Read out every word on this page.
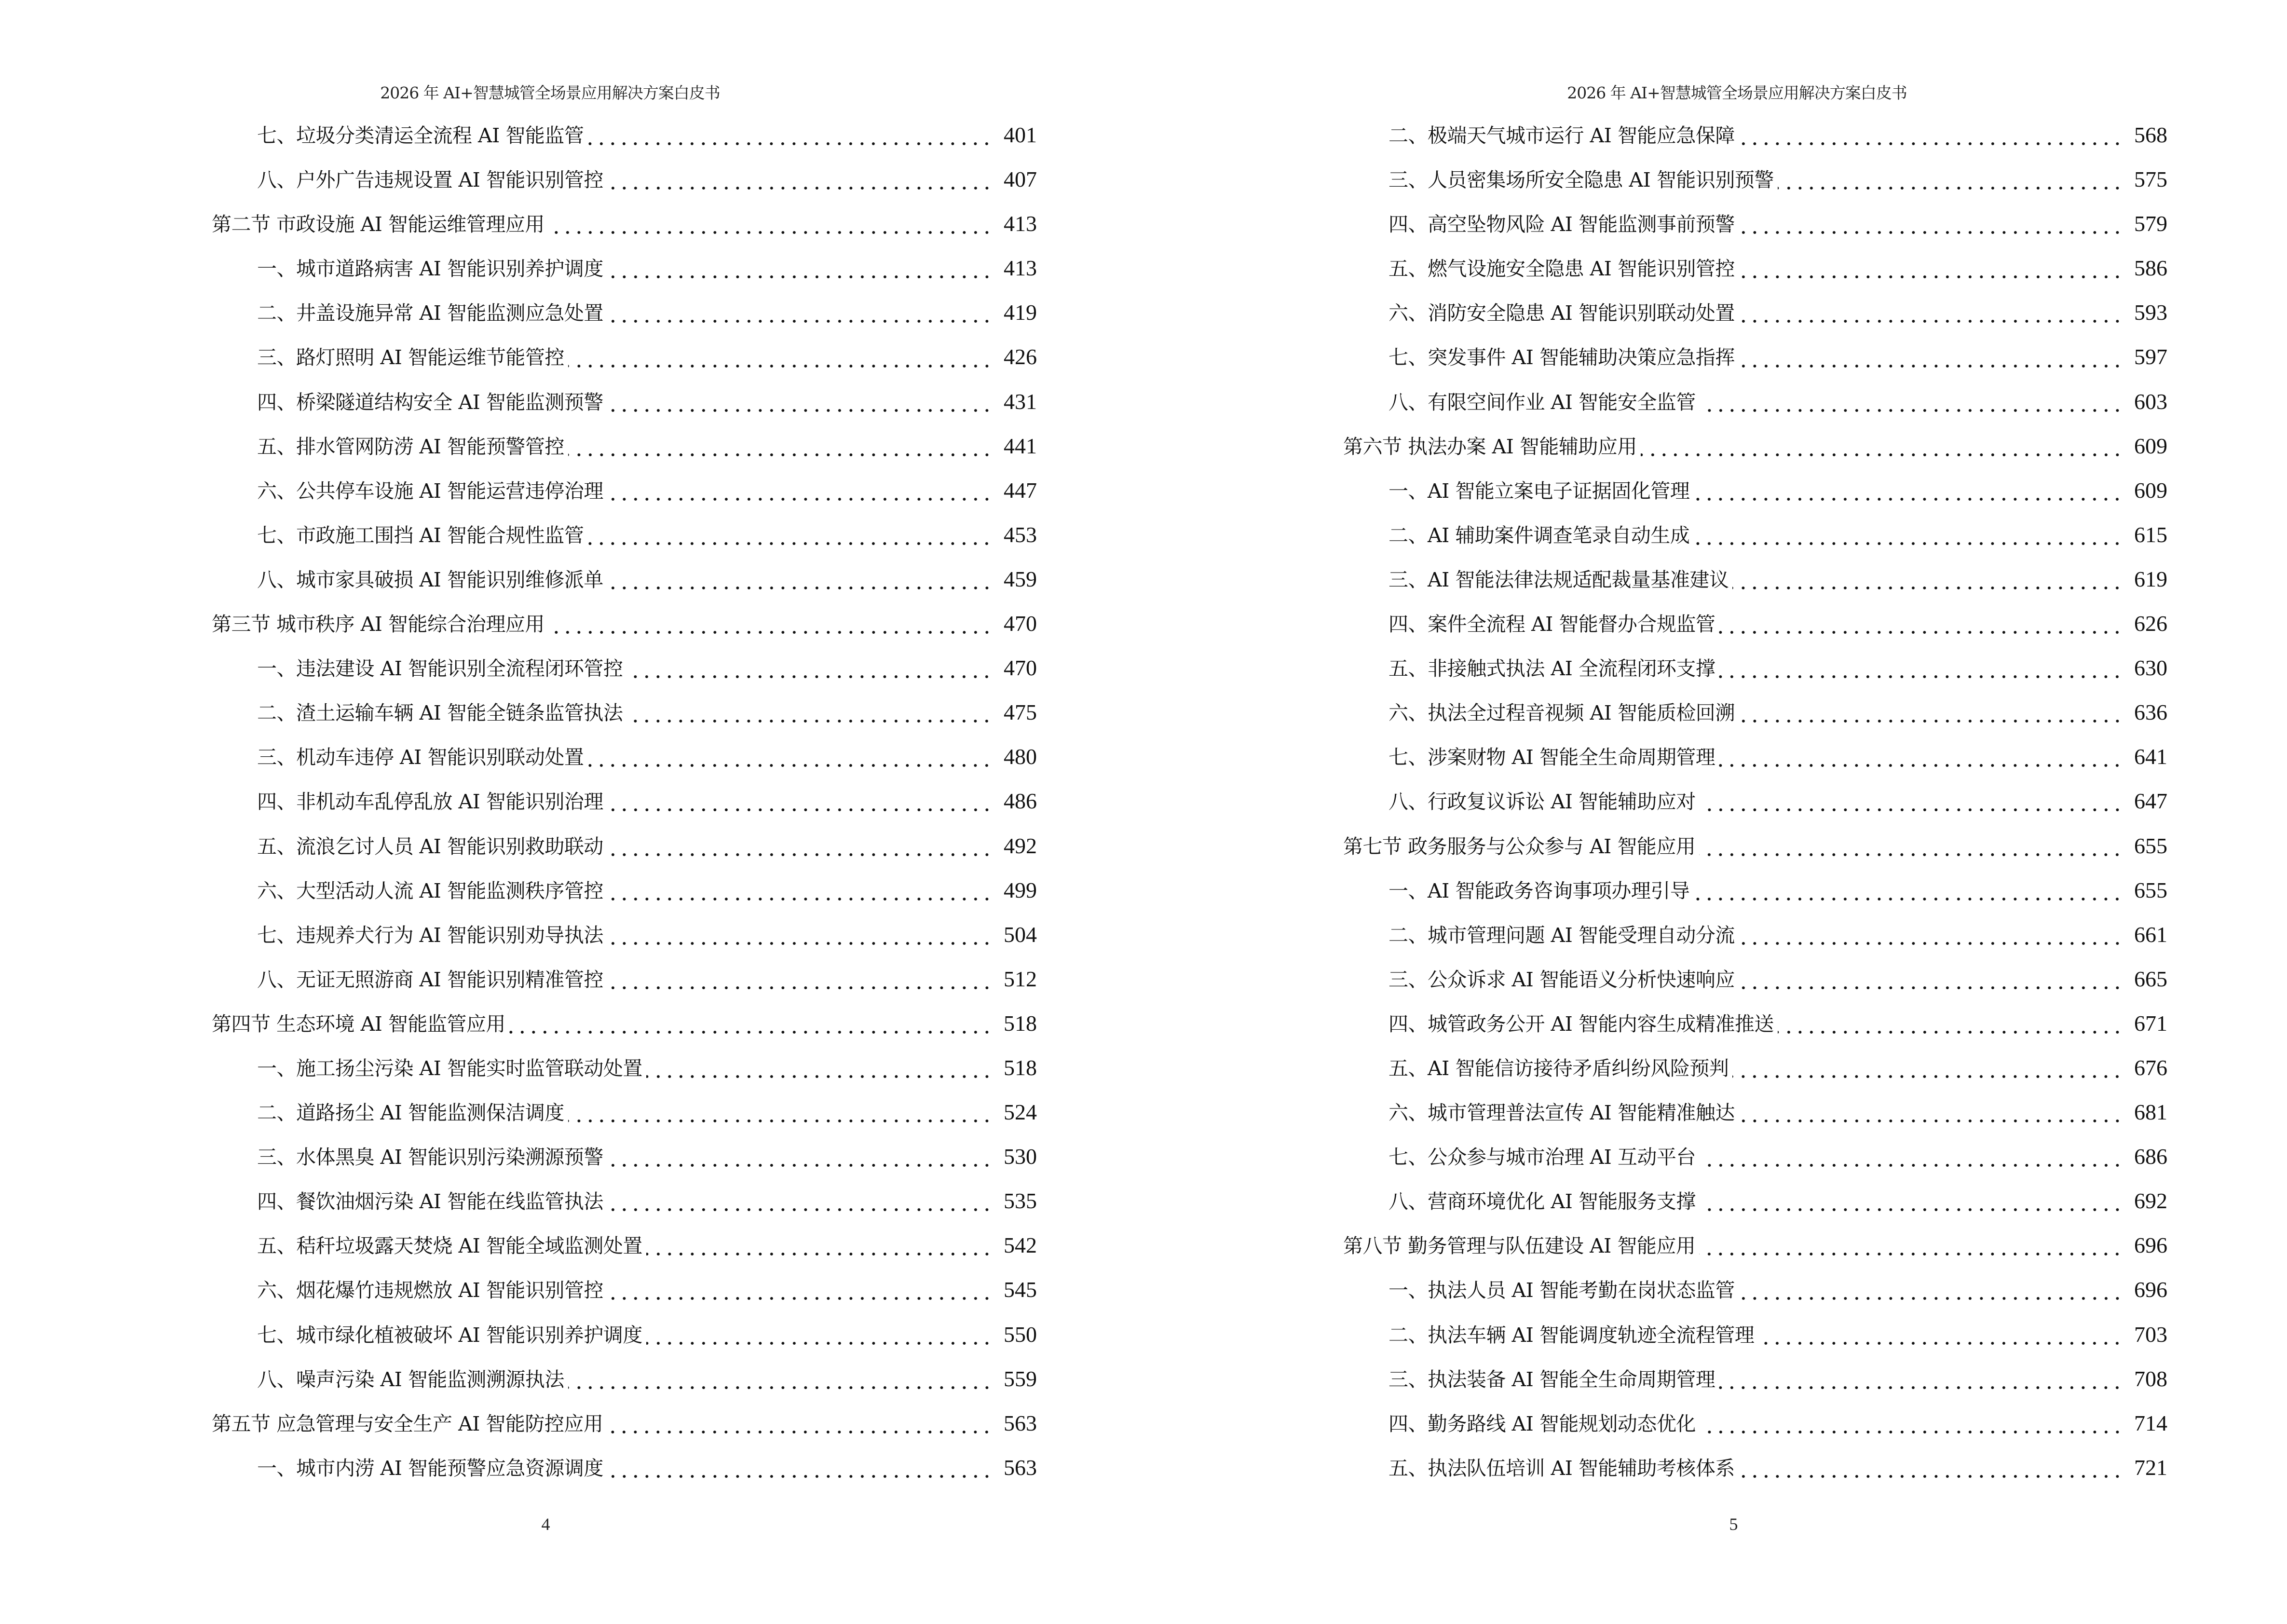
2026 年 AI+智慧城管全场景应用解决方案白皮书
七、垃圾分类清运全流程 AI 智能监管	401
八、户外广告违规设置 AI 智能识别管控	407
第二节 市政设施 AI 智能运维管理应用	413
一、城市道路病害 AI 智能识别养护调度	413
二、井盖设施异常 AI 智能监测应急处置	419
三、路灯照明 AI 智能运维节能管控	426
四、桥梁隧道结构安全 AI 智能监测预警	431
五、排水管网防涝 AI 智能预警管控	441
六、公共停车设施 AI 智能运营违停治理	447
七、市政施工围挡 AI 智能合规性监管	453
八、城市家具破损 AI 智能识别维修派单	459
第三节 城市秩序 AI 智能综合治理应用	470
一、违法建设 AI 智能识别全流程闭环管控	470
二、渣土运输车辆 AI 智能全链条监管执法	475
三、机动车违停 AI 智能识别联动处置	480
四、非机动车乱停乱放 AI 智能识别治理	486
五、流浪乞讨人员 AI 智能识别救助联动	492
六、大型活动人流 AI 智能监测秩序管控	499
七、违规养犬行为 AI 智能识别劝导执法	504
八、无证无照游商 AI 智能识别精准管控	512
第四节 生态环境 AI 智能监管应用	518
一、施工扬尘污染 AI 智能实时监管联动处置	518
二、道路扬尘 AI 智能监测保洁调度	524
三、水体黑臭 AI 智能识别污染溯源预警	530
四、餐饮油烟污染 AI 智能在线监管执法	535
五、秸秆垃圾露天焚烧 AI 智能全域监测处置	542
六、烟花爆竹违规燃放 AI 智能识别管控	545
七、城市绿化植被破坏 AI 智能识别养护调度	550
八、噪声污染 AI 智能监测溯源执法	559
第五节 应急管理与安全生产 AI 智能防控应用	563
一、城市内涝 AI 智能预警应急资源调度	563
4
2026 年 AI+智慧城管全场景应用解决方案白皮书
二、极端天气城市运行 AI 智能应急保障	568
三、人员密集场所安全隐患 AI 智能识别预警	575
四、高空坠物风险 AI 智能监测事前预警	579
五、燃气设施安全隐患 AI 智能识别管控	586
六、消防安全隐患 AI 智能识别联动处置	593
七、突发事件 AI 智能辅助决策应急指挥	597
八、有限空间作业 AI 智能安全监管	603
第六节 执法办案 AI 智能辅助应用	609
一、AI 智能立案电子证据固化管理	609
二、AI 辅助案件调查笔录自动生成	615
三、AI 智能法律法规适配裁量基准建议	619
四、案件全流程 AI 智能督办合规监管	626
五、非接触式执法 AI 全流程闭环支撑	630
六、执法全过程音视频 AI 智能质检回溯	636
七、涉案财物 AI 智能全生命周期管理	641
八、行政复议诉讼 AI 智能辅助应对	647
第七节 政务服务与公众参与 AI 智能应用	655
一、AI 智能政务咨询事项办理引导	655
二、城市管理问题 AI 智能受理自动分流	661
三、公众诉求 AI 智能语义分析快速响应	665
四、城管政务公开 AI 智能内容生成精准推送	671
五、AI 智能信访接待矛盾纠纷风险预判	676
六、城市管理普法宣传 AI 智能精准触达	681
七、公众参与城市治理 AI 互动平台	686
八、营商环境优化 AI 智能服务支撑	692
第八节 勤务管理与队伍建设 AI 智能应用	696
一、执法人员 AI 智能考勤在岗状态监管	696
二、执法车辆 AI 智能调度轨迹全流程管理	703
三、执法装备 AI 智能全生命周期管理	708
四、勤务路线 AI 智能规划动态优化	714
五、执法队伍培训 AI 智能辅助考核体系	721
5
